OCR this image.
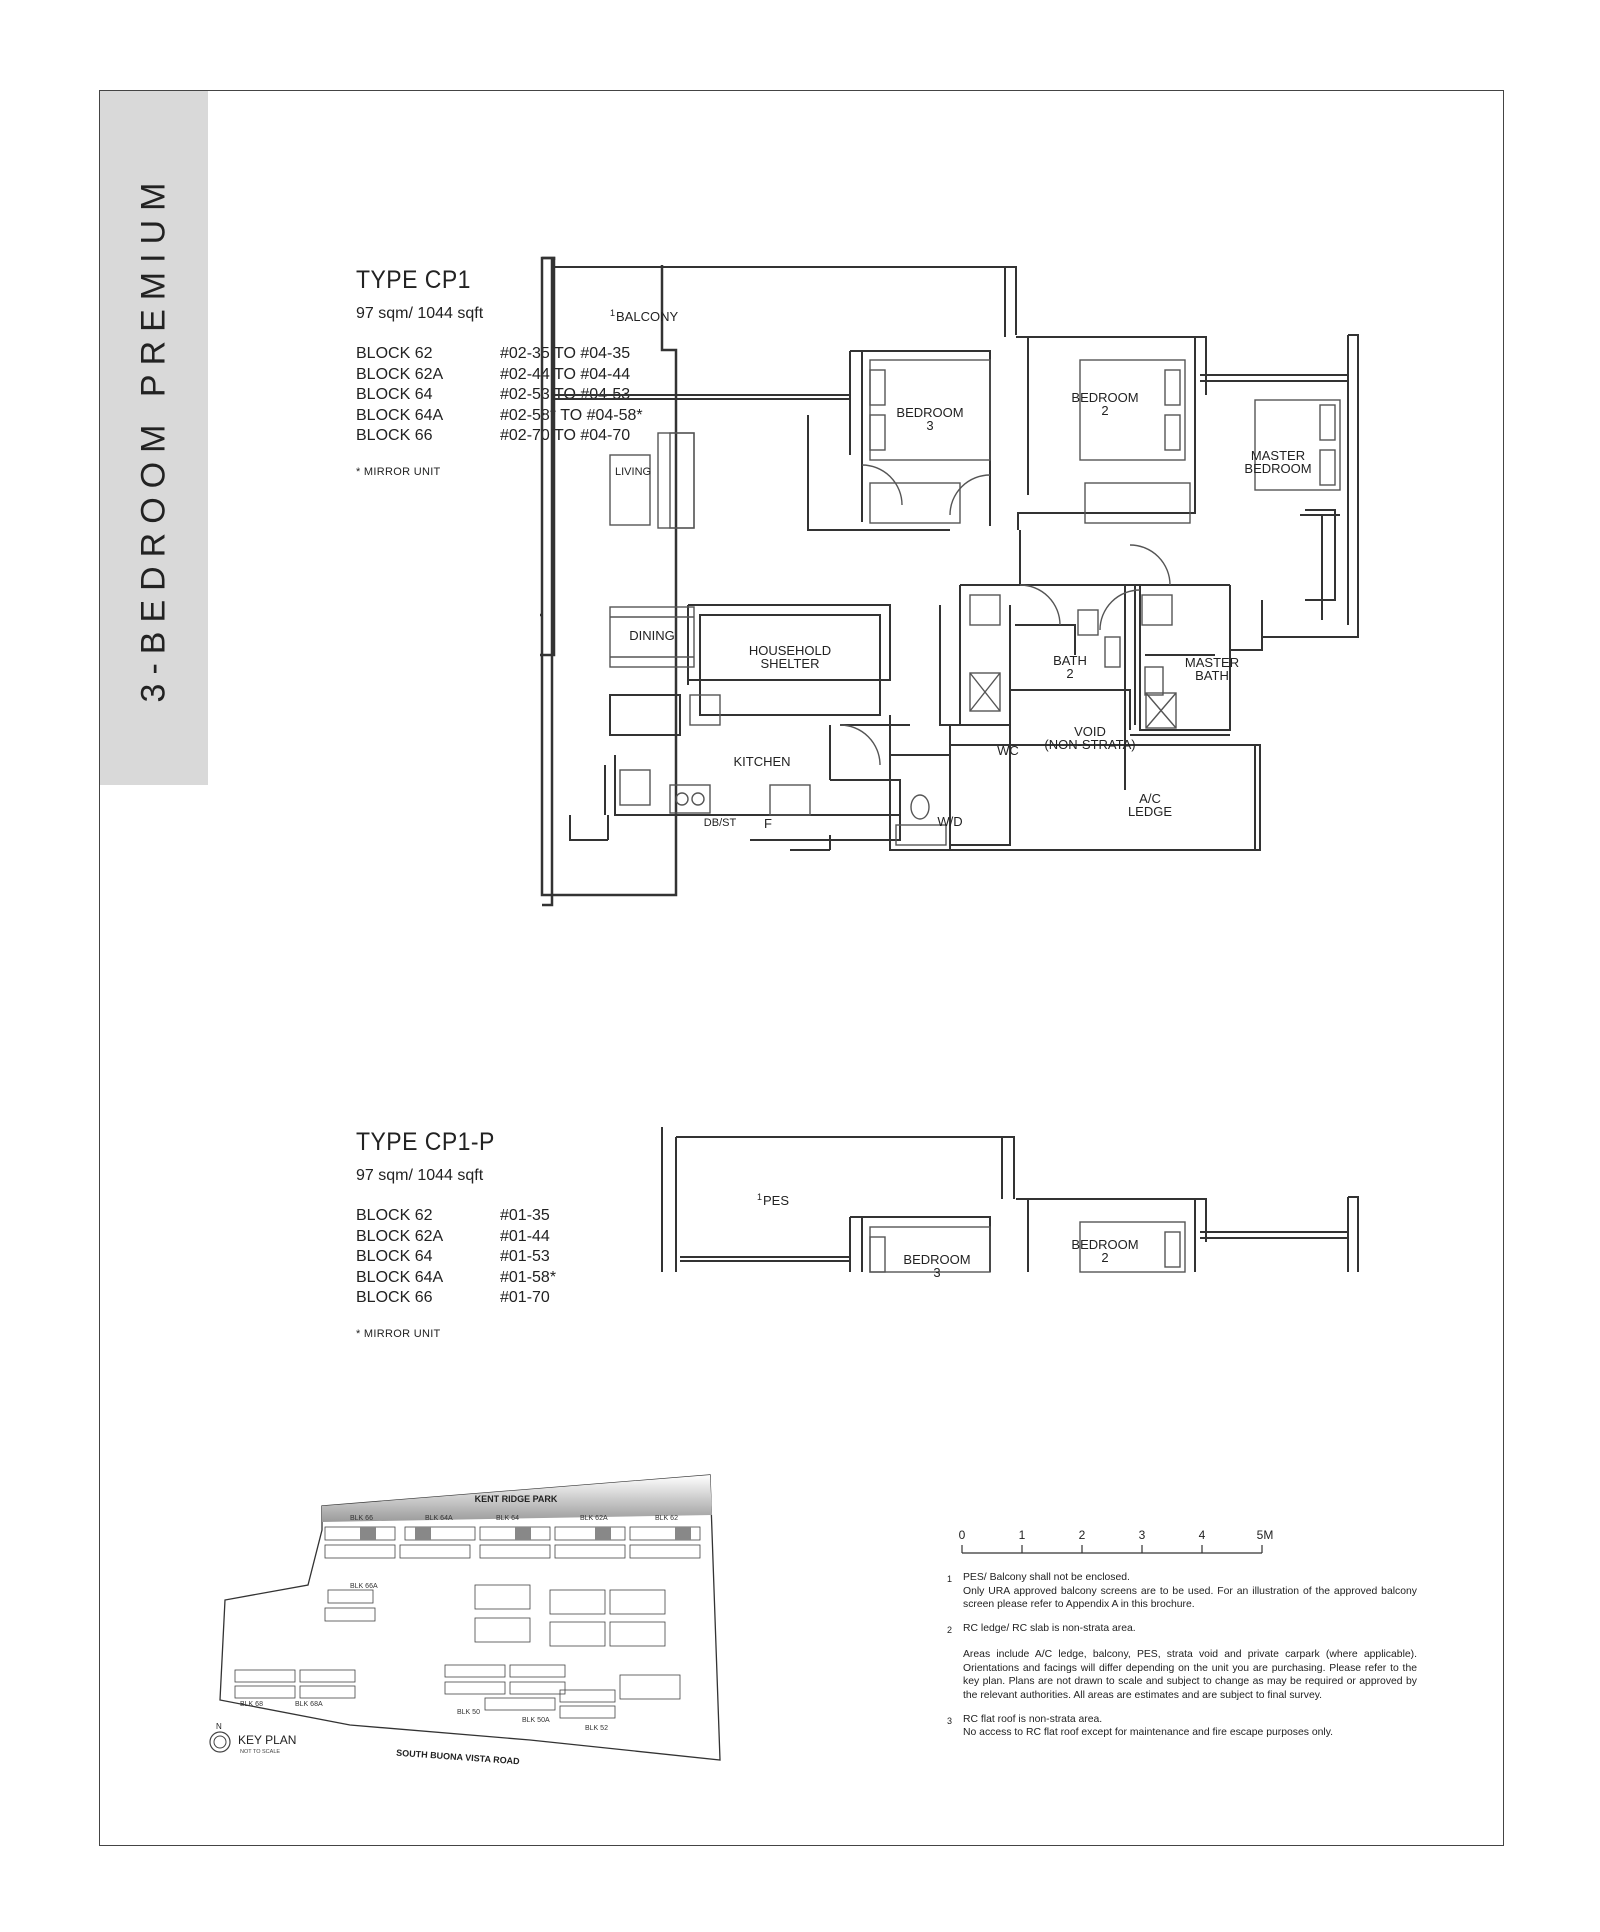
3-BEDROOM PREMIUM	TYPE CP1
97 sqm/ 1044 sqft
BLOCK 62	#02-35 TO #04-35
BLOCK 62A	#02-44 TO #04-44
BLOCK 64	#02-53 TO #04-53
BLOCK 64A	#02-58* TO #04-58*
BLOCK 66	#02-70 TO #04-70
* MIRROR UNIT
TYPE CP1-P
97 sqm/ 1044 sqft
BLOCK 62	#01-35
BLOCK 62A	#01-44
BLOCK 64	#01-53
BLOCK 64A	#01-58*
BLOCK 66	#01-70
* MIRROR UNIT
1 BALCONY
BEDROOM
3
BEDROOM
2
MASTER
BEDROOM
LIVING
DINING
HOUSEHOLD
SHELTER	BATH
2
MASTER
BATH
KITCHEN
WC
VOID
(NON-STRATA)
A/C
LEDGE
DB/ST F	W/D
1 PES
BEDROOM
3
BEDROOM
2
KENT RIDGE PARK
BLK 66	BLK 64A	BLK 64	BLK 62A	BLK 62
BLK 66A
BLK 68	BLK 68A
BLK 50
BLK 50A
BLK 52
SOUTH BUONA VISTA ROAD
N
KEY PLAN
NOT TO SCALE
0	1	2	3	4	5M
1	PES/ Balcony shall not be enclosed.
Only URA approved balcony screens are to be used. For an illustration of the approved balcony screen please refer to Appendix A in this brochure.
2	RC ledge/ RC slab is non-strata area.
Areas include A/C ledge, balcony, PES, strata void and private carpark (where applicable). Orientations and facings will differ depending on the unit you are purchasing. Please refer to the key plan. Plans are not drawn to scale and subject to change as may be required or approved by the relevant authorities. All areas are estimates and are subject to final survey.
3	RC flat roof is non-strata area.
No access to RC flat roof except for maintenance and fire escape purposes only.
